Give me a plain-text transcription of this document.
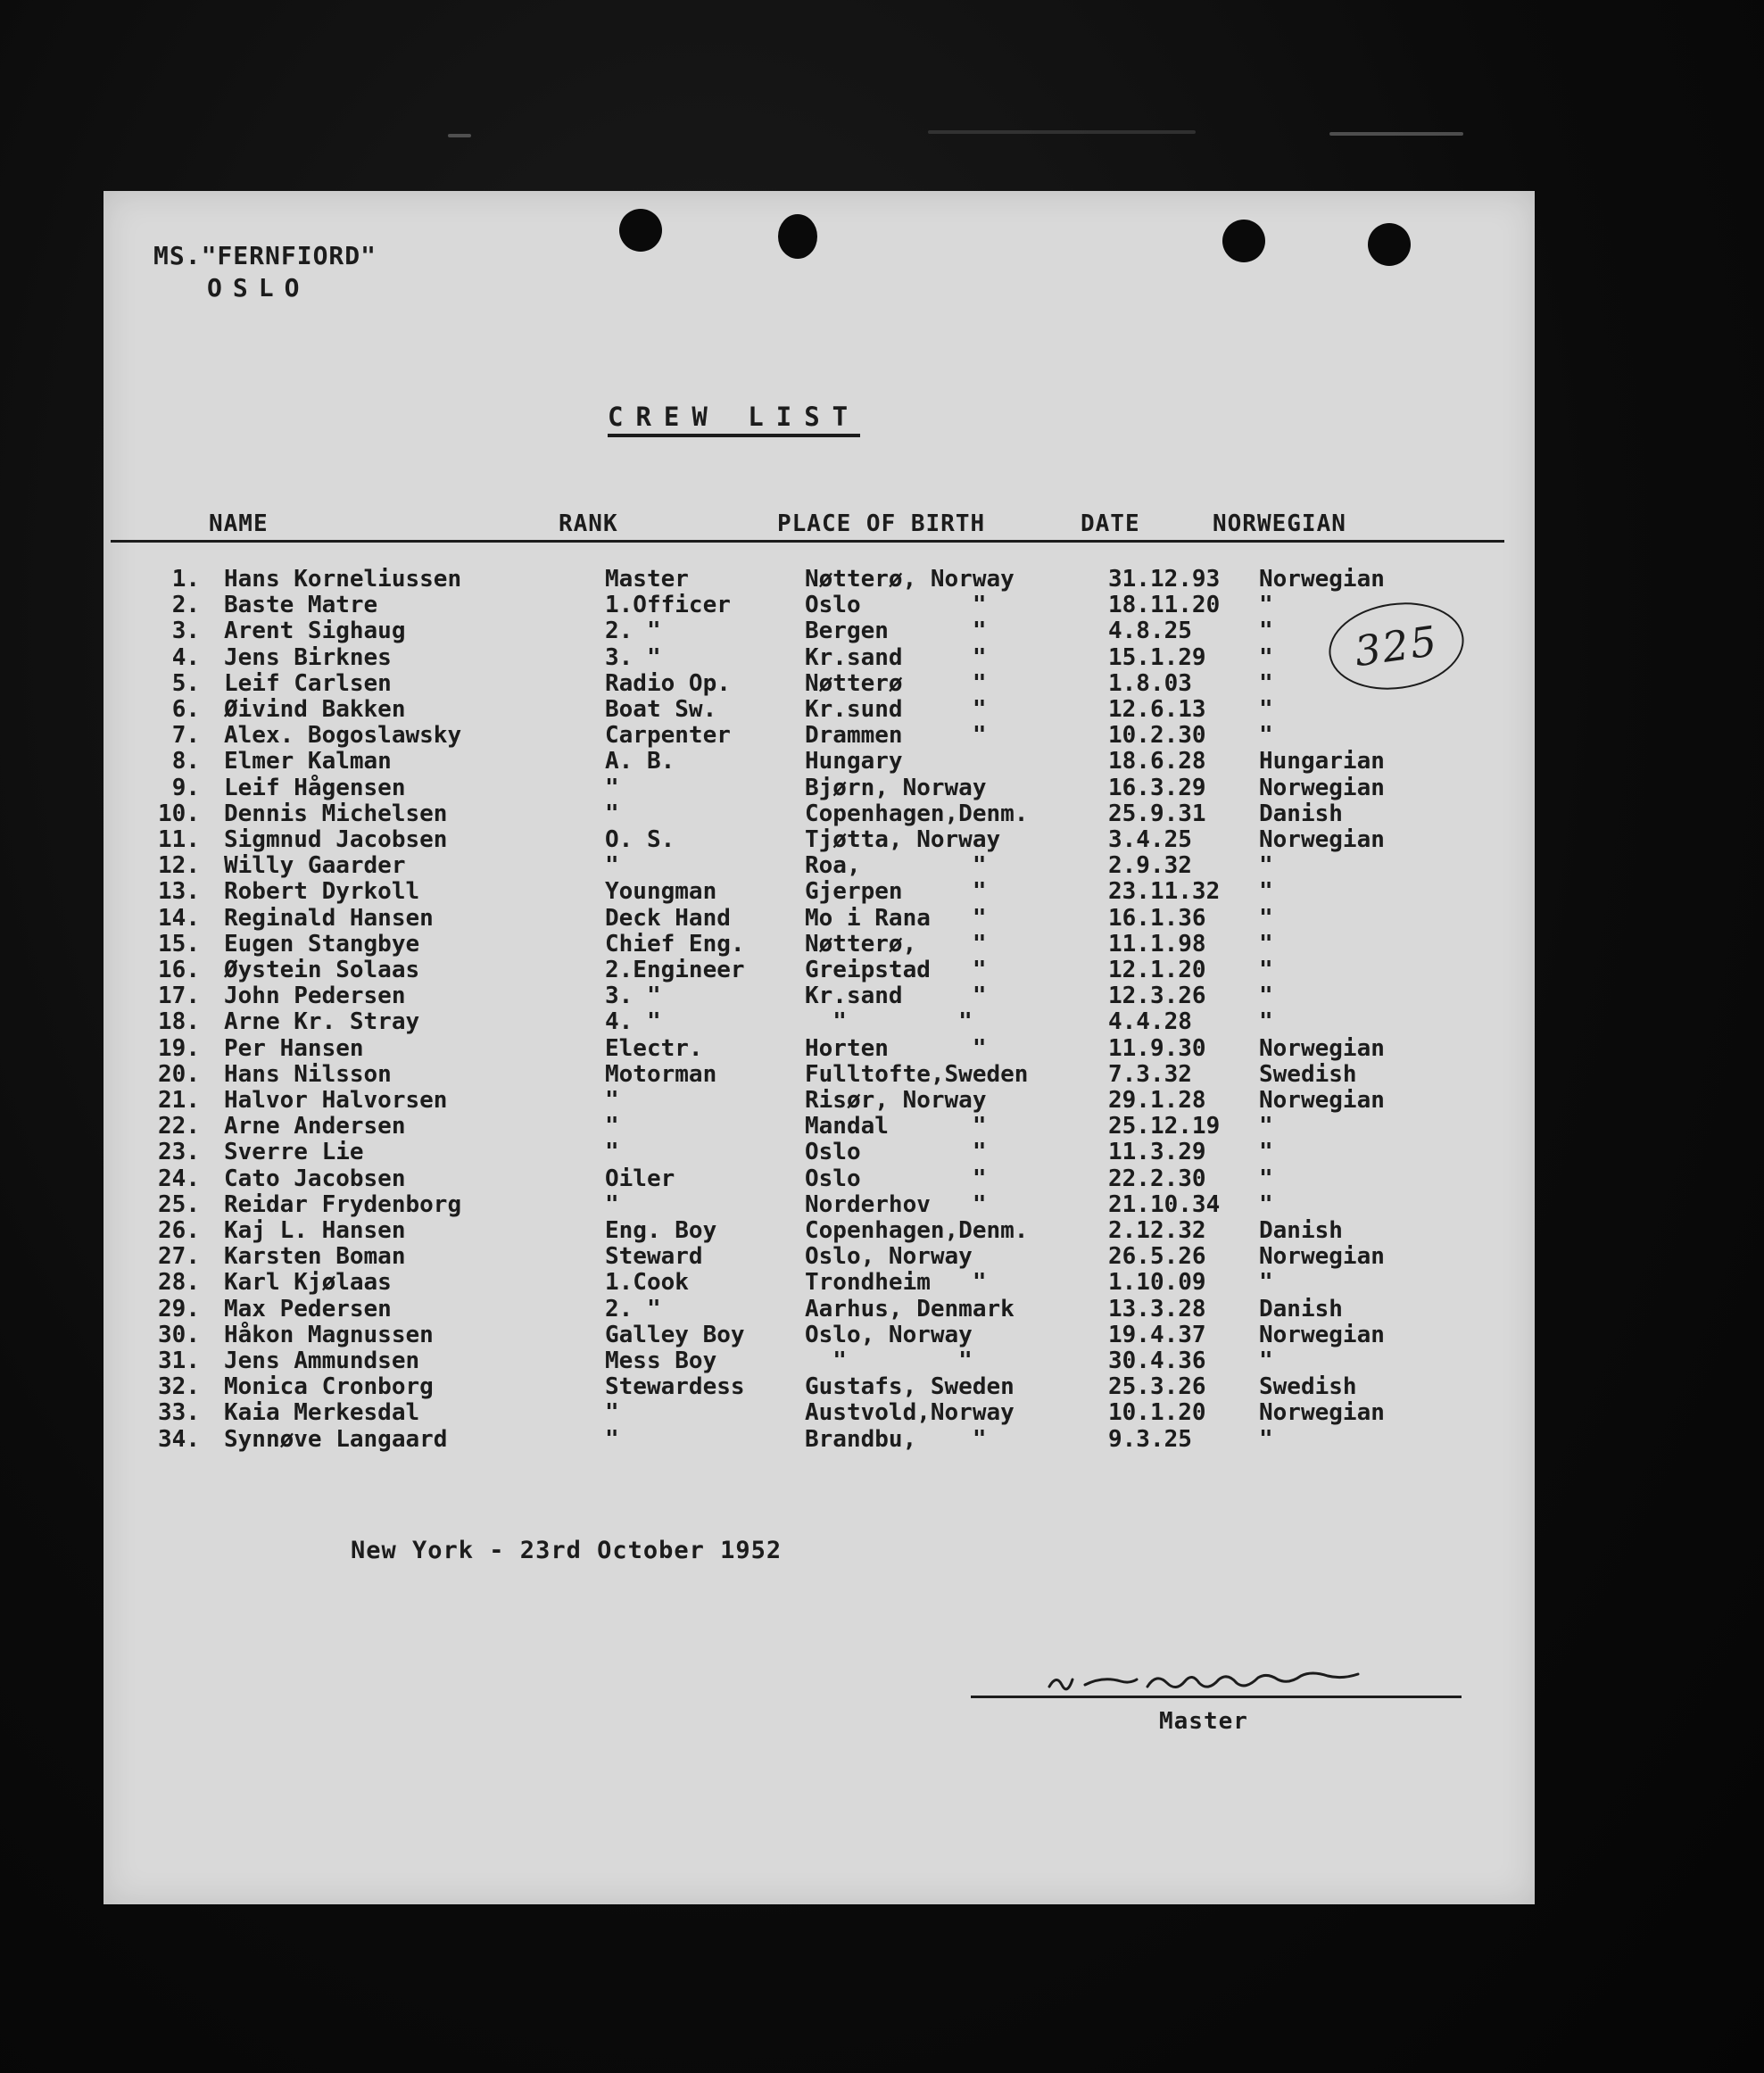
MS."FERNFIORD"
OSLO
CREW LIST
NAME	RANK	PLACE OF BIRTH	DATE	NORWEGIAN
1. Hans Korneliussen	Master	Nøtterø, Norway	31.12.93 Norwegian
2. Baste Matre	1.Officer	Oslo        "	18.11.20 "
3. Arent Sighaug	2. "	Bergen      "	4.8.25	"
4. Jens Birknes	3. "	Kr.sand     "	15.1.29 "
5. Leif Carlsen	Radio Op.	Nøtterø     "	1.8.03	"
6. Øivind Bakken	Boat Sw.	Kr.sund     "	12.6.13 "
7. Alex. Bogoslawsky	Carpenter	Drammen     "	10.2.30 "
8. Elmer Kalman	A. B.	Hungary	18.6.28 Hungarian
9. Leif Hågensen	"	Bjørn, Norway	16.3.29 Norwegian
10. Dennis Michelsen	"	Copenhagen,Denm.	25.9.31 Danish
11. Sigmnud Jacobsen	O. S.	Tjøtta, Norway	3.4.25	Norwegian
12. Willy Gaarder	"	Roa,        "	2.9.32	"
13. Robert Dyrkoll	Youngman	Gjerpen     "	23.11.32 "
14. Reginald Hansen	Deck Hand	Mo i Rana   "	16.1.36 "
15. Eugen Stangbye	Chief Eng.	Nøtterø,    "	11.1.98 "
16. Øystein Solaas	2.Engineer	Greipstad   "	12.1.20 "
17. John Pedersen	3. "	Kr.sand     "	12.3.26 "
18. Arne Kr. Stray	4. "	"        "	4.4.28	"
19. Per Hansen	Electr.	Horten      "	11.9.30 Norwegian
20. Hans Nilsson	Motorman	Fulltofte,Sweden	7.3.32	Swedish
21. Halvor Halvorsen	"	Risør, Norway	29.1.28 Norwegian
22. Arne Andersen	"	Mandal      "	25.12.19 "
23. Sverre Lie	"	Oslo        "	11.3.29 "
24. Cato Jacobsen	Oiler	Oslo        "	22.2.30 "
25. Reidar Frydenborg	"	Norderhov   "	21.10.34 "
26. Kaj L. Hansen	Eng. Boy	Copenhagen,Denm.	2.12.32 Danish
27. Karsten Boman	Steward	Oslo, Norway	26.5.26 Norwegian
28. Karl Kjølaas	1.Cook	Trondheim   "	1.10.09 "
29. Max Pedersen	2. "	Aarhus, Denmark	13.3.28 Danish
30. Håkon Magnussen	Galley Boy	Oslo, Norway	19.4.37 Norwegian
31. Jens Ammundsen	Mess Boy	"        "	30.4.36 "
32. Monica Cronborg	Stewardess	Gustafs, Sweden	25.3.26 Swedish
33. Kaia Merkesdal	"	Austvold,Norway	10.1.20 Norwegian
34. Synnøve Langaard	"	Brandbu,    "	9.3.25	"
325
New York - 23rd October 1952
Master
